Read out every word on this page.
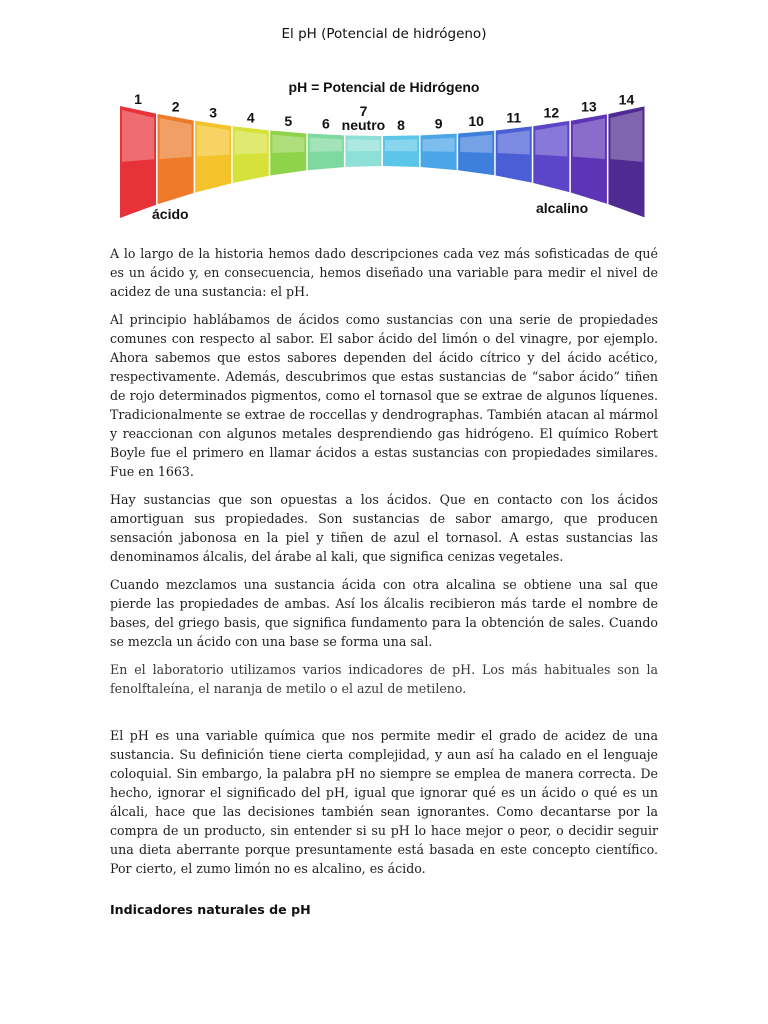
El pH (Potencial de hidrógeno)
pH = Potencial de Hidrógeno
1 2 3 4 5 6
7
neutro 8 9 10 11 12 13 14
ácido	alcalino

A lo largo de la historia hemos dado descripciones cada vez más sofisticadas de qué es un ácido y, en consecuencia, hemos diseñado una variable para medir el nivel de acidez de una sustancia: el pH.

Al principio hablábamos de ácidos como sustancias con una serie de propiedades comunes con respecto al sabor. El sabor ácido del limón o del vinagre, por ejemplo. Ahora sabemos que estos sabores dependen del ácido cítrico y del ácido acético, respectivamente. Además, descubrimos que estas sustancias de “sabor ácido” tiñen de rojo determinados pigmentos, como el tornasol que se extrae de algunos líquenes. Tradicionalmente se extrae de roccellas y dendrographas. También atacan al mármol y reaccionan con algunos metales desprendiendo gas hidrógeno. El químico Robert Boyle fue el primero en llamar ácidos a estas sustancias con propiedades similares. Fue en 1663.

Hay sustancias que son opuestas a los ácidos. Que en contacto con los ácidos amortiguan sus propiedades. Son sustancias de sabor amargo, que producen sensación jabonosa en la piel y tiñen de azul el tornasol. A estas sustancias las denominamos álcalis, del árabe al kali, que significa cenizas vegetales.

Cuando mezclamos una sustancia ácida con otra alcalina se obtiene una sal que pierde las propiedades de ambas. Así los álcalis recibieron más tarde el nombre de bases, del griego basis, que significa fundamento para la obtención de sales. Cuando se mezcla un ácido con una base se forma una sal.

En el laboratorio utilizamos varios indicadores de pH. Los más habituales son la fenolftaleína, el naranja de metilo o el azul de metileno.

El pH es una variable química que nos permite medir el grado de acidez de una sustancia. Su definición tiene cierta complejidad, y aun así ha calado en el lenguaje coloquial. Sin embargo, la palabra pH no siempre se emplea de manera correcta. De hecho, ignorar el significado del pH, igual que ignorar qué es un ácido o qué es un álcali, hace que las decisiones también sean ignorantes. Como decantarse por la compra de un producto, sin entender si su pH lo hace mejor o peor, o decidir seguir una dieta aberrante porque presuntamente está basada en este concepto científico. Por cierto, el zumo limón no es alcalino, es ácido.

Indicadores naturales de pH
